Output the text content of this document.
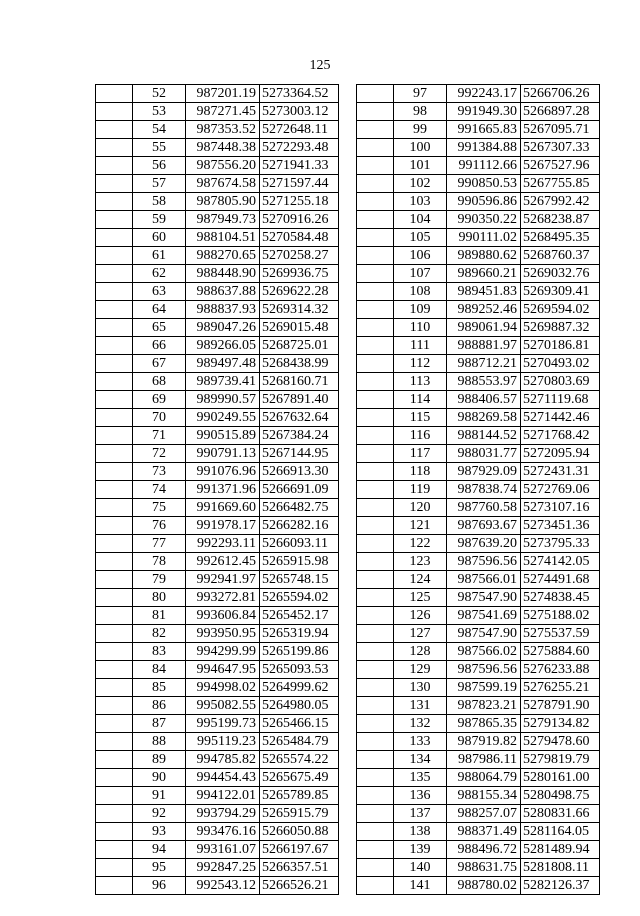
125
	52	987201.19	5273364.52
	53	987271.45	5273003.12
	54	987353.52	5272648.11
	55	987448.38	5272293.48
	56	987556.20	5271941.33
	57	987674.58	5271597.44
	58	987805.90	5271255.18
	59	987949.73	5270916.26
	60	988104.51	5270584.48
	61	988270.65	5270258.27
	62	988448.90	5269936.75
	63	988637.88	5269622.28
	64	988837.93	5269314.32
	65	989047.26	5269015.48
	66	989266.05	5268725.01
	67	989497.48	5268438.99
	68	989739.41	5268160.71
	69	989990.57	5267891.40
	70	990249.55	5267632.64
	71	990515.89	5267384.24
	72	990791.13	5267144.95
	73	991076.96	5266913.30
	74	991371.96	5266691.09
	75	991669.60	5266482.75
	76	991978.17	5266282.16
	77	992293.11	5266093.11
	78	992612.45	5265915.98
	79	992941.97	5265748.15
	80	993272.81	5265594.02
	81	993606.84	5265452.17
	82	993950.95	5265319.94
	83	994299.99	5265199.86
	84	994647.95	5265093.53
	85	994998.02	5264999.62
	86	995082.55	5264980.05
	87	995199.73	5265466.15
	88	995119.23	5265484.79
	89	994785.82	5265574.22
	90	994454.43	5265675.49
	91	994122.01	5265789.85
	92	993794.29	5265915.79
	93	993476.16	5266050.88
	94	993161.07	5266197.67
	95	992847.25	5266357.51
	96	992543.12	5266526.21
	97	992243.17	5266706.26
	98	991949.30	5266897.28
	99	991665.83	5267095.71
	100	991384.88	5267307.33
	101	991112.66	5267527.96
	102	990850.53	5267755.85
	103	990596.86	5267992.42
	104	990350.22	5268238.87
	105	990111.02	5268495.35
	106	989880.62	5268760.37
	107	989660.21	5269032.76
	108	989451.83	5269309.41
	109	989252.46	5269594.02
	110	989061.94	5269887.32
	111	988881.97	5270186.81
	112	988712.21	5270493.02
	113	988553.97	5270803.69
	114	988406.57	5271119.68
	115	988269.58	5271442.46
	116	988144.52	5271768.42
	117	988031.77	5272095.94
	118	987929.09	5272431.31
	119	987838.74	5272769.06
	120	987760.58	5273107.16
	121	987693.67	5273451.36
	122	987639.20	5273795.33
	123	987596.56	5274142.05
	124	987566.01	5274491.68
	125	987547.90	5274838.45
	126	987541.69	5275188.02
	127	987547.90	5275537.59
	128	987566.02	5275884.60
	129	987596.56	5276233.88
	130	987599.19	5276255.21
	131	987823.21	5278791.90
	132	987865.35	5279134.82
	133	987919.82	5279478.60
	134	987986.11	5279819.79
	135	988064.79	5280161.00
	136	988155.34	5280498.75
	137	988257.07	5280831.66
	138	988371.49	5281164.05
	139	988496.72	5281489.94
	140	988631.75	5281808.11
	141	988780.02	5282126.37
